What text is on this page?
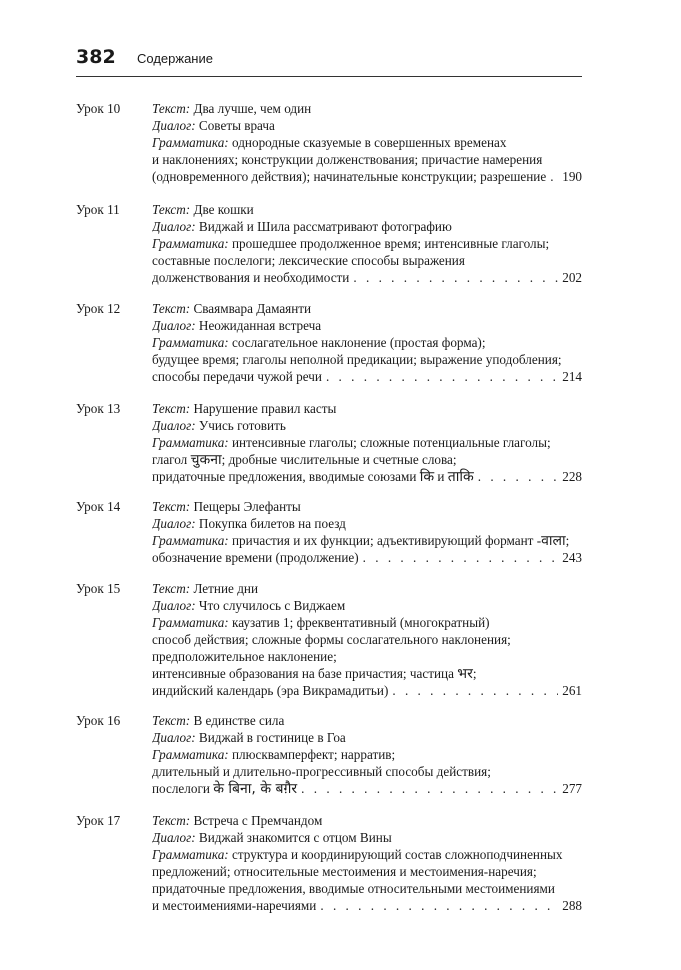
382 Содержание
Урок 10 Текст: Два лучше, чем один
Диалог: Советы врача
Грамматика: однородные сказуемые в совершенных временах
и наклонениях; конструкции долженствования; причастие намерения
(одновременного действия); начинательные конструкции; разрешение . . . 190
Урок 11 Текст: Две кошки
Диалог: Виджай и Шила рассматривают фотографию
Грамматика: прошедшее продолженное время; интенсивные глаголы;
составные послелоги; лексические способы выражения
долженствования и необходимости . . .	202
Урок 12 Текст: Сваямвара Дамаянти
Диалог: Неожиданная встреча
Грамматика: сослагательное наклонение (простая форма);
будущее время; глаголы неполной предикации; выражение уподобления;
способы передачи чужой речи . . .	214
Урок 13 Текст: Нарушение правил касты
Диалог: Учись готовить
Грамматика: интенсивные глаголы; сложные потенциальные глаголы;
глагол चुकना; дробные числительные и счетные слова;
придаточные предложения, вводимые союзами कि и ताकि . . .	228
Урок 14 Текст: Пещеры Элефанты
Диалог: Покупка билетов на поезд
Грамматика: причастия и их функции; адъективирующий формант -वाला;
обозначение времени (продолжение) . . .	243
Урок 15 Текст: Летние дни
Диалог: Что случилось с Виджаем
Грамматика: каузатив 1; фреквентативный (многократный)
способ действия; сложные формы сослагательного наклонения;
предположительное наклонение;
интенсивные образования на базе причастия; частица भर;
индийский календарь (эра Викрамадитьи) . . .	261
Урок 16 Текст: В единстве сила
Диалог: Виджай в гостинице в Гоа
Грамматика: плюсквамперфект; нарратив;
длительный и длительно-прогрессивный способы действия;
послелоги के बिना, के बग़ैर . . .	277
Урок 17 Текст: Встреча с Премчандом
Диалог: Виджай знакомится с отцом Вины
Грамматика: структура и координирующий состав сложноподчиненных
предложений; относительные местоимения и местоимения-наречия;
придаточные предложения, вводимые относительными местоимениями
и местоимениями-наречиями . . .	288
